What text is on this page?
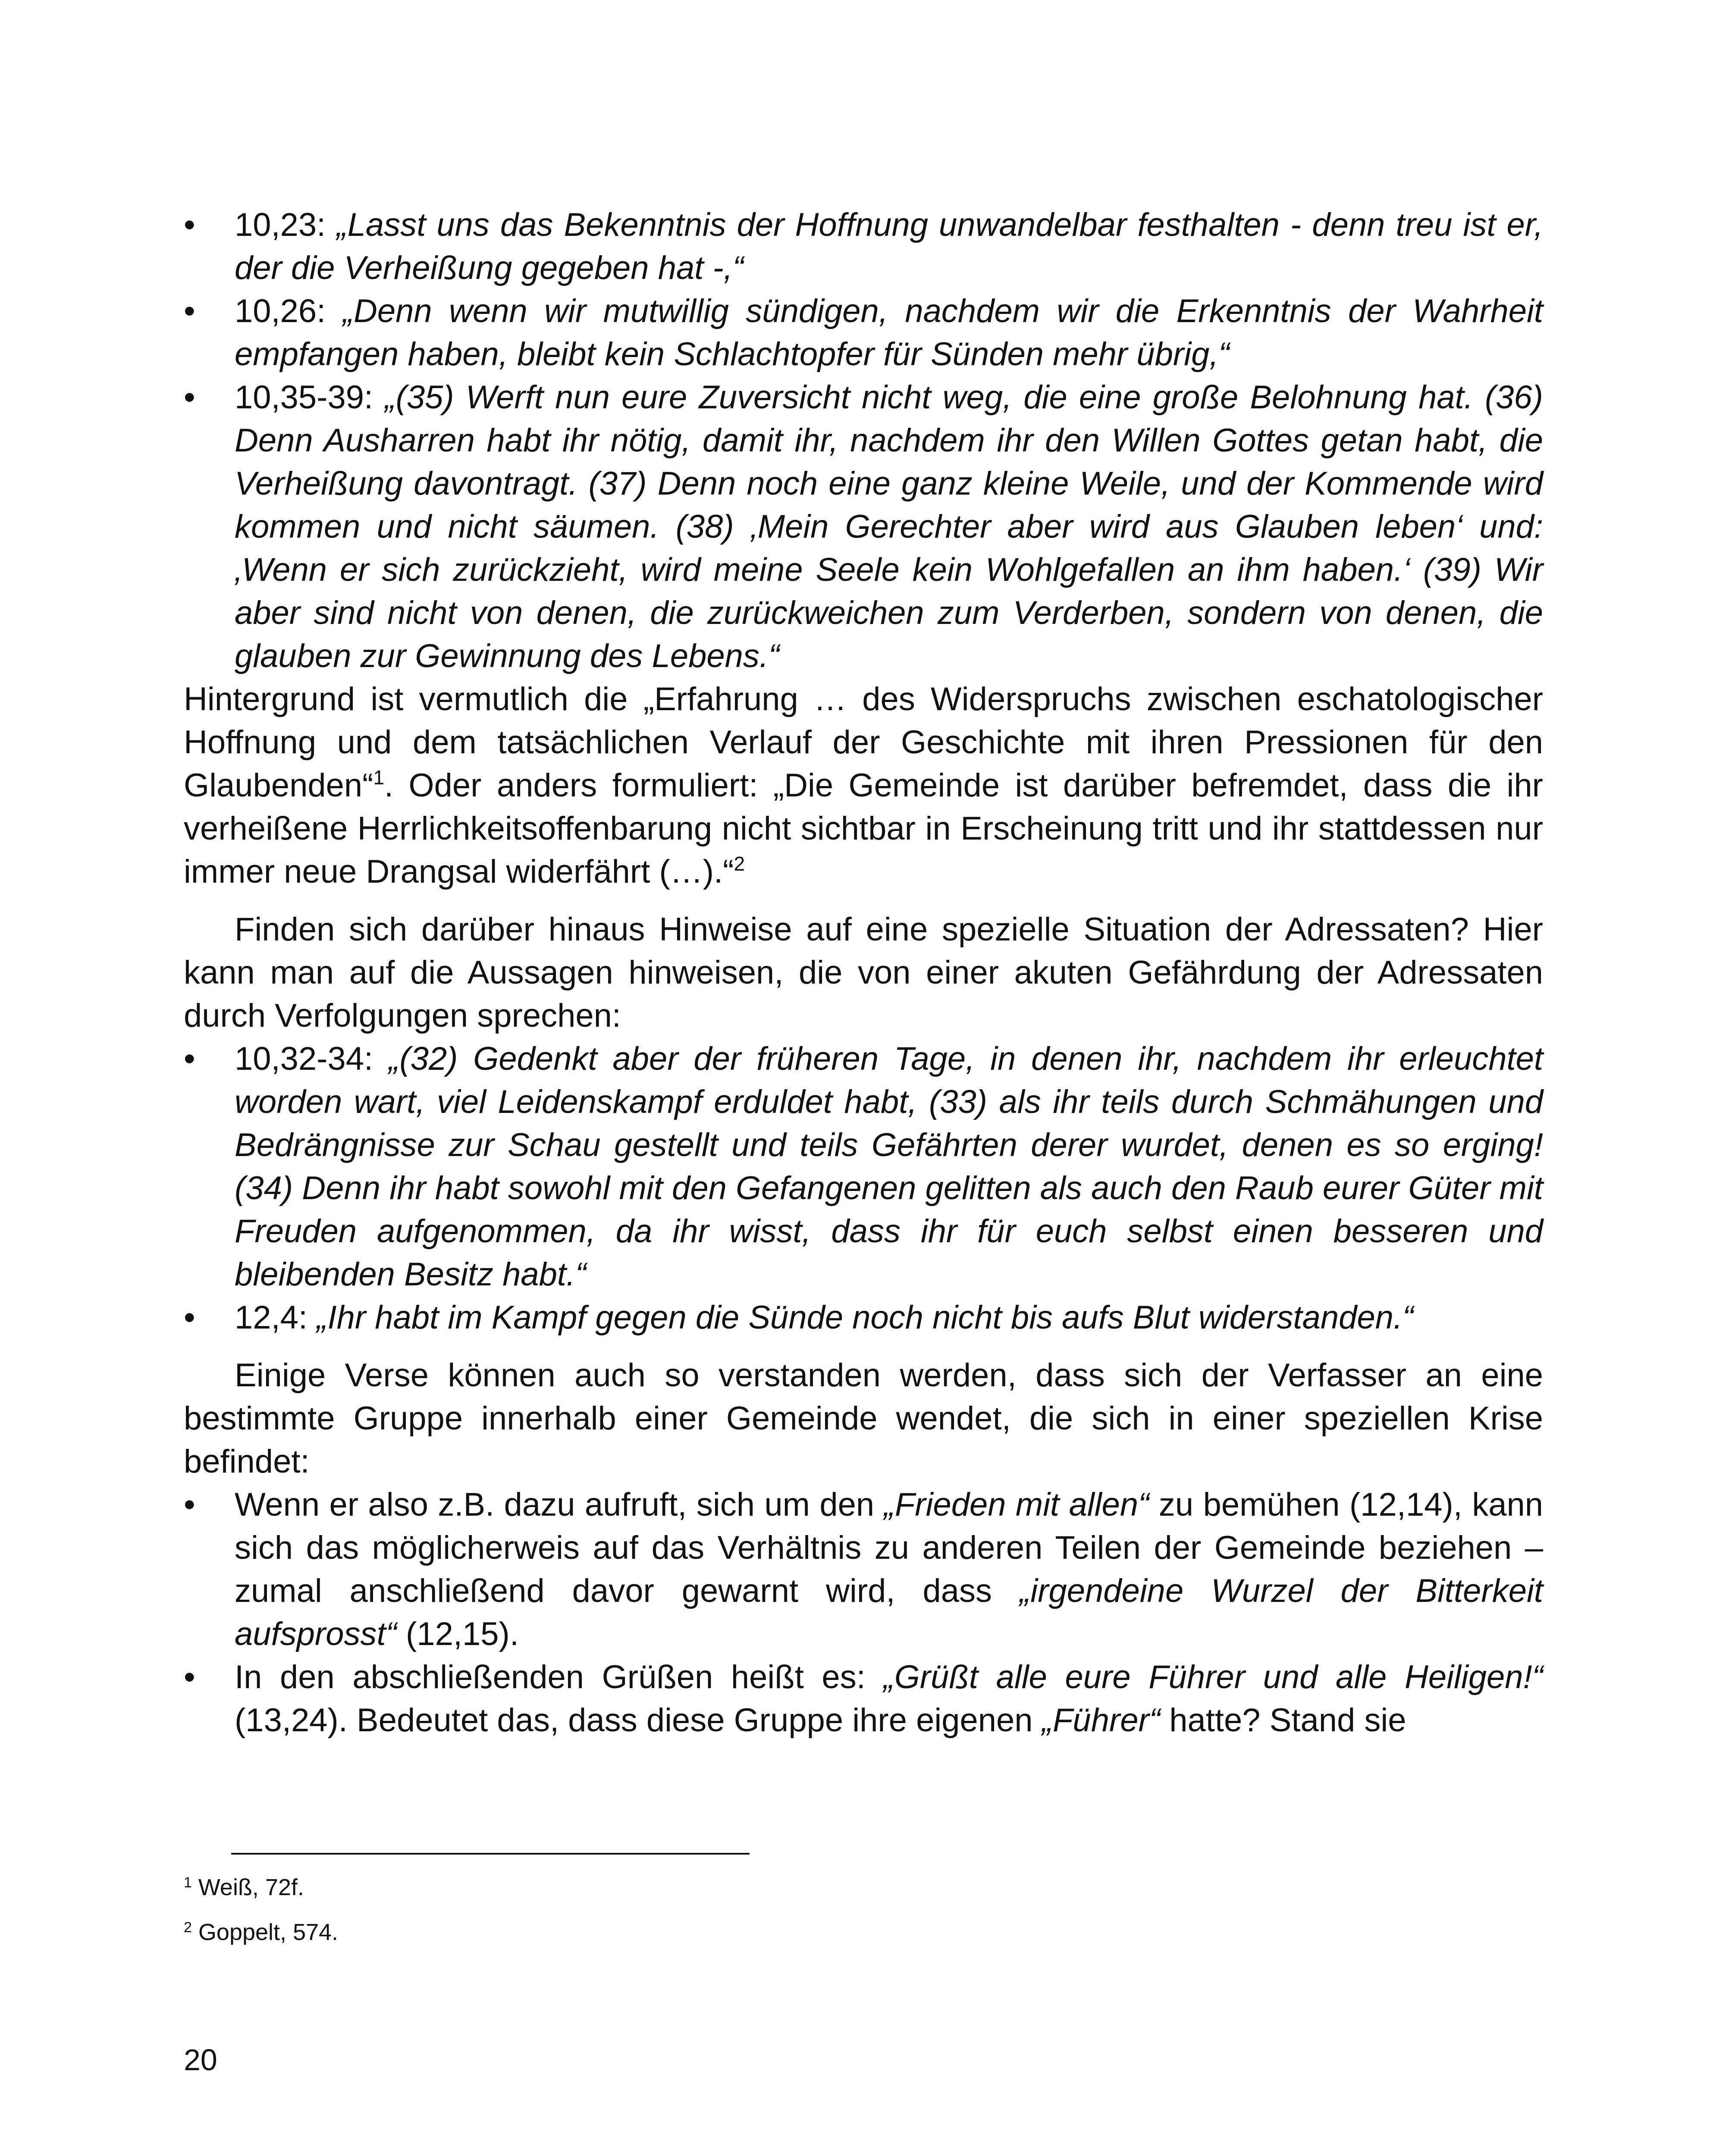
• 10,23: „Lasst uns das Bekenntnis der Hoffnung unwandelbar festhalten - denn treu ist er, der die Verheißung gegeben hat -,“
• 10,26: „Denn wenn wir mutwillig sündigen, nachdem wir die Erkenntnis der Wahrheit empfangen haben, bleibt kein Schlachtopfer für Sünden mehr übrig,“
• 10,35-39: „(35) Werft nun eure Zuversicht nicht weg, die eine große Belohnung hat. (36) Denn Ausharren habt ihr nötig, damit ihr, nachdem ihr den Willen Gottes getan habt, die Verheißung davontragt. (37) Denn noch eine ganz kleine Weile, und der Kommende wird kommen und nicht säumen. (38) ‚Mein Gerechter aber wird aus Glauben leben‘ und: ‚Wenn er sich zurückzieht, wird meine Seele kein Wohlgefallen an ihm haben.‘ (39) Wir aber sind nicht von denen, die zurückweichen zum Verderben, sondern von denen, die glauben zur Gewinnung des Lebens.“

Hintergrund ist vermutlich die „Erfahrung … des Widerspruchs zwischen eschatologischer Hoffnung und dem tatsächlichen Verlauf der Geschichte mit ihren Pressionen für den Glaubenden“$^1$. Oder anders formuliert: „Die Gemeinde ist darüber befremdet, dass die ihr verheißene Herrlichkeitsoffenbarung nicht sichtbar in Erscheinung tritt und ihr stattdessen nur immer neue Drangsal widerfährt (…).“$^2$

Finden sich darüber hinaus Hinweise auf eine spezielle Situation der Adressaten? Hier kann man auf die Aussagen hinweisen, die von einer akuten Gefährdung der Adressaten durch Verfolgungen sprechen:

• 10,32-34: „(32) Gedenkt aber der früheren Tage, in denen ihr, nachdem ihr erleuchtet worden wart, viel Leidenskampf erduldet habt, (33) als ihr teils durch Schmähungen und Bedrängnisse zur Schau gestellt und teils Gefährten derer wurdet, denen es so erging! (34) Denn ihr habt sowohl mit den Gefangenen gelitten als auch den Raub eurer Güter mit Freuden aufgenommen, da ihr wisst, dass ihr für euch selbst einen besseren und bleibenden Besitz habt.“
• 12,4: „Ihr habt im Kampf gegen die Sünde noch nicht bis aufs Blut widerstanden.“

Einige Verse können auch so verstanden werden, dass sich der Verfasser an eine bestimmte Gruppe innerhalb einer Gemeinde wendet, die sich in einer speziellen Krise befindet:

• Wenn er also z.B. dazu aufruft, sich um den „Frieden mit allen“ zu bemühen (12,14), kann sich das möglicherweis auf das Verhältnis zu anderen Teilen der Gemeinde beziehen – zumal anschließend davor gewarnt wird, dass „irgendeine Wurzel der Bitterkeit aufsprosst“ (12,15).
• In den abschließenden Grüßen heißt es: „Grüßt alle eure Führer und alle Heiligen!“ (13,24). Bedeutet das, dass diese Gruppe ihre eigenen „Führer“ hatte? Stand sie

$^1$ Weiß, 72f.

$^2$ Goppelt, 574.

20
